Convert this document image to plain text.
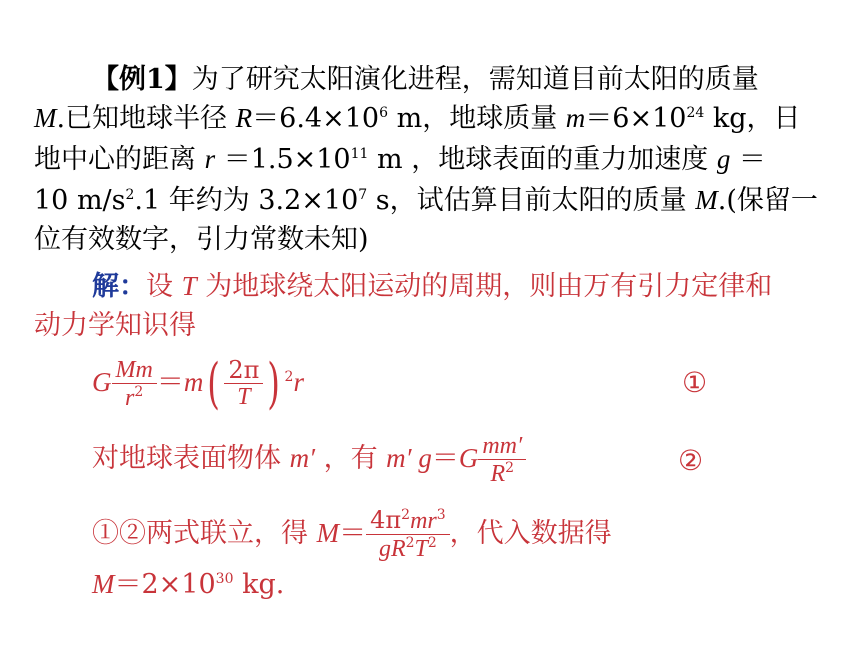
【例1】为了研究太阳演化进程，需知道目前太阳的质量
M.已知地球半径 $R=6.4\times 10^6$ m，地球质量 $m=6\times 10^{24}$ kg，日
地中心的距离 $r =1.5\times 10^{11}$ m ，地球表面的重力加速度 g ＝
10 $m/s^2.1$ 年约为 $3.2\times 10^7$ s，试估算目前太阳的质量 M.(保留一
位有效数字，引力常数未知)
解：设 T 为地球绕太阳运动的周期，则由万有引力定律和
动力学知识得
G $\frac{Mm}{r^2} =m( \frac{2\pi}{T}$ ) $^2$r	①
对地球表面物体 m′ ，有 m′ $g=G \frac{mm'}{R^2}$	②
①②两式联立，得 $M= \frac{4\pi^2mr^3}{gR^2T^2}$ ，代入数据得
$M=2\times 10^{30}$ kg.
